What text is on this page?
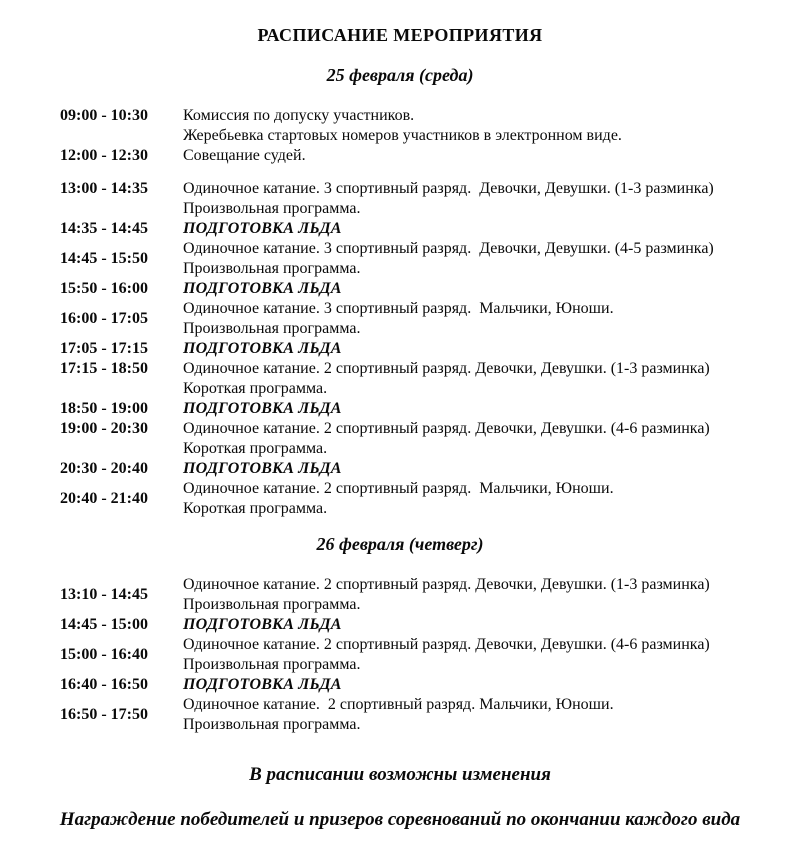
РАСПИСАНИЕ МЕРОПРИЯТИЯ
25 февраля (среда)
09:00 - 10:30	Комиссия по допуску участников.
Жеребьевка стартовых номеров участников в электронном виде.
12:00 - 12:30	Совещание судей.
13:00 - 14:35	Одиночное катание. 3 спортивный разряд.  Девочки, Девушки. (1-3 разминка)
Произвольная программа.
14:35 - 14:45	ПОДГОТОВКА ЛЬДА
14:45 - 15:50
Одиночное катание. 3 спортивный разряд.  Девочки, Девушки. (4-5 разминка)
Произвольная программа.
15:50 - 16:00	ПОДГОТОВКА ЛЬДА
16:00 - 17:05
Одиночное катание. 3 спортивный разряд.  Мальчики, Юноши.
Произвольная программа.
17:05 - 17:15	ПОДГОТОВКА ЛЬДА
17:15 - 18:50	Одиночное катание. 2 спортивный разряд. Девочки, Девушки. (1-3 разминка)
Короткая программа.
18:50 - 19:00	ПОДГОТОВКА ЛЬДА
19:00 - 20:30	Одиночное катание. 2 спортивный разряд. Девочки, Девушки. (4-6 разминка)
Короткая программа.
20:30 - 20:40	ПОДГОТОВКА ЛЬДА
20:40 - 21:40
Одиночное катание. 2 спортивный разряд.  Мальчики, Юноши.
Короткая программа.
26 февраля (четверг)
13:10 - 14:45
Одиночное катание. 2 спортивный разряд. Девочки, Девушки. (1-3 разминка)
Произвольная программа.
14:45 - 15:00	ПОДГОТОВКА ЛЬДА
15:00 - 16:40
Одиночное катание. 2 спортивный разряд. Девочки, Девушки. (4-6 разминка)
Произвольная программа.
16:40 - 16:50	ПОДГОТОВКА ЛЬДА
16:50 - 17:50
Одиночное катание.  2 спортивный разряд. Мальчики, Юноши.
Произвольная программа.
В расписании возможны изменения
Награждение победителей и призеров соревнований по окончании каждого вида
